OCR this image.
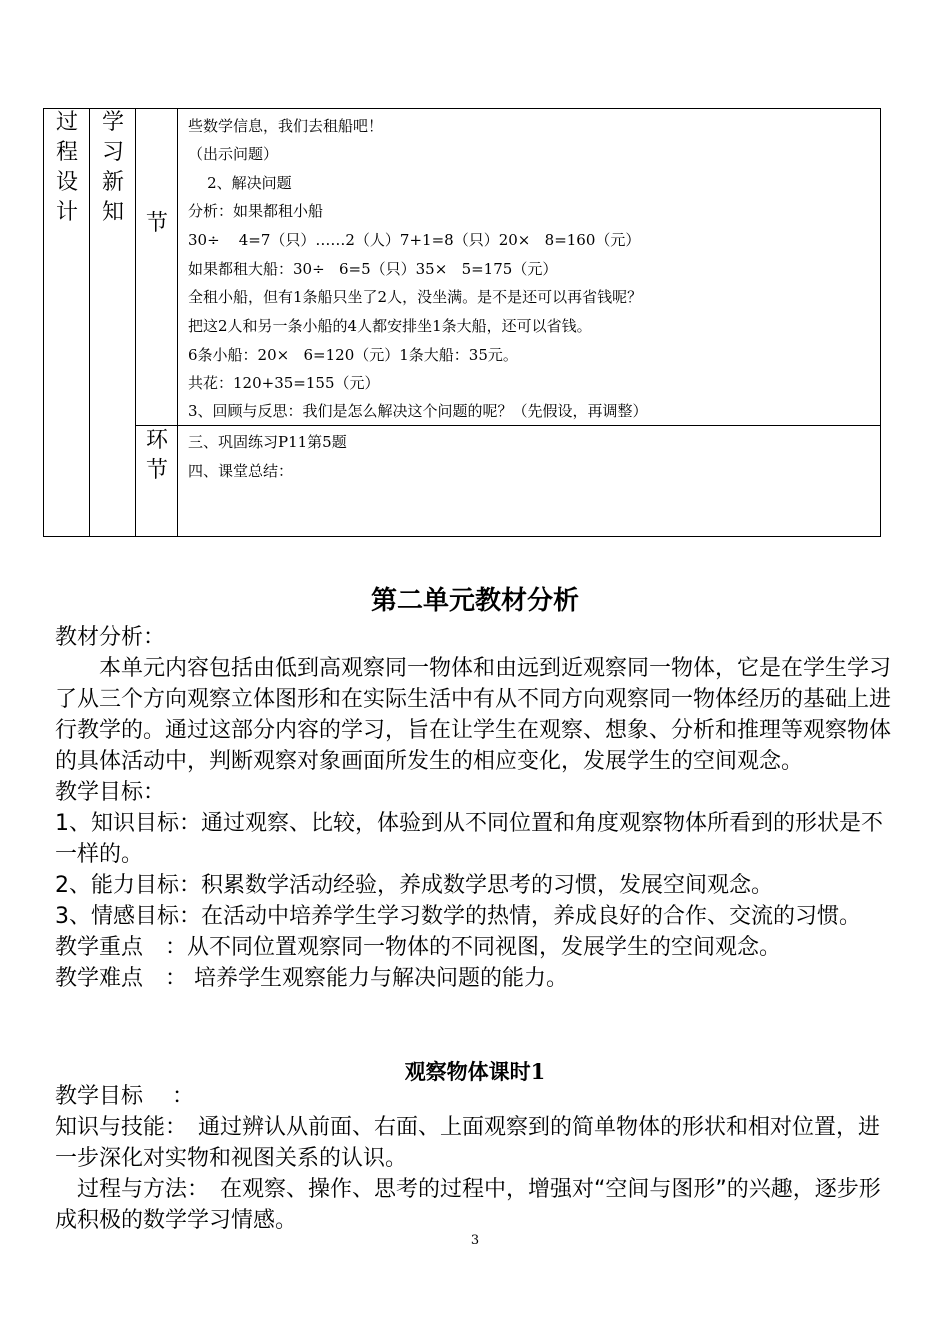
过程设计
学习新知 节
环节
些数学信息，我们去租船吧！
（出示问题）
2、解决问题
分析：如果都租小船
30÷    4=7（只）……2（人）7+1=8（只）20×   8=160（元）
如果都租大船：30÷   6=5（只）35×   5=175（元）
全租小船，但有1条船只坐了2人，没坐满。是不是还可以再省钱呢？
把这2人和另一条小船的4人都安排坐1条大船，还可以省钱。
6条小船：20×   6=120（元）1条大船：35元。
共花：120+35=155（元）
3、回顾与反思：我们是怎么解决这个问题的呢？（先假设，再调整）
三、巩固练习P11第5题
四、课堂总结：
第二单元教材分析

教材分析：

本单元内容包括由低到高观察同一物体和由远到近观察同一物体，它是在学生学习了从三个方向观察立体图形和在实际生活中有从不同方向观察同一物体经历的基础上进行教学的。通过这部分内容的学习，旨在让学生在观察、想象、分析和推理等观察物体的具体活动中，判断观察对象画面所发生的相应变化，发展学生的空间观念。

教学目标：

1、知识目标：通过观察、比较，体验到从不同位置和角度观察物体所看到的形状是不一样的。

2、能力目标：积累数学活动经验，养成数学思考的习惯，发展空间观念。

3、情感目标：在活动中培养学生学习数学的热情，养成良好的合作、交流的习惯。

教学重点　：从不同位置观察同一物体的不同视图，发展学生的空间观念。

教学难点　： 培养学生观察能力与解决问题的能力。

观察物体课时1

教学目标　 ：

知识与技能：　通过辨认从前面、右面、上面观察到的简单物体的形状和相对位置，进一步深化对实物和视图关系的认识。

　过程与方法：　在观察、操作、思考的过程中，增强对“空间与图形”的兴趣，逐步形成积极的数学学习情感。

3
